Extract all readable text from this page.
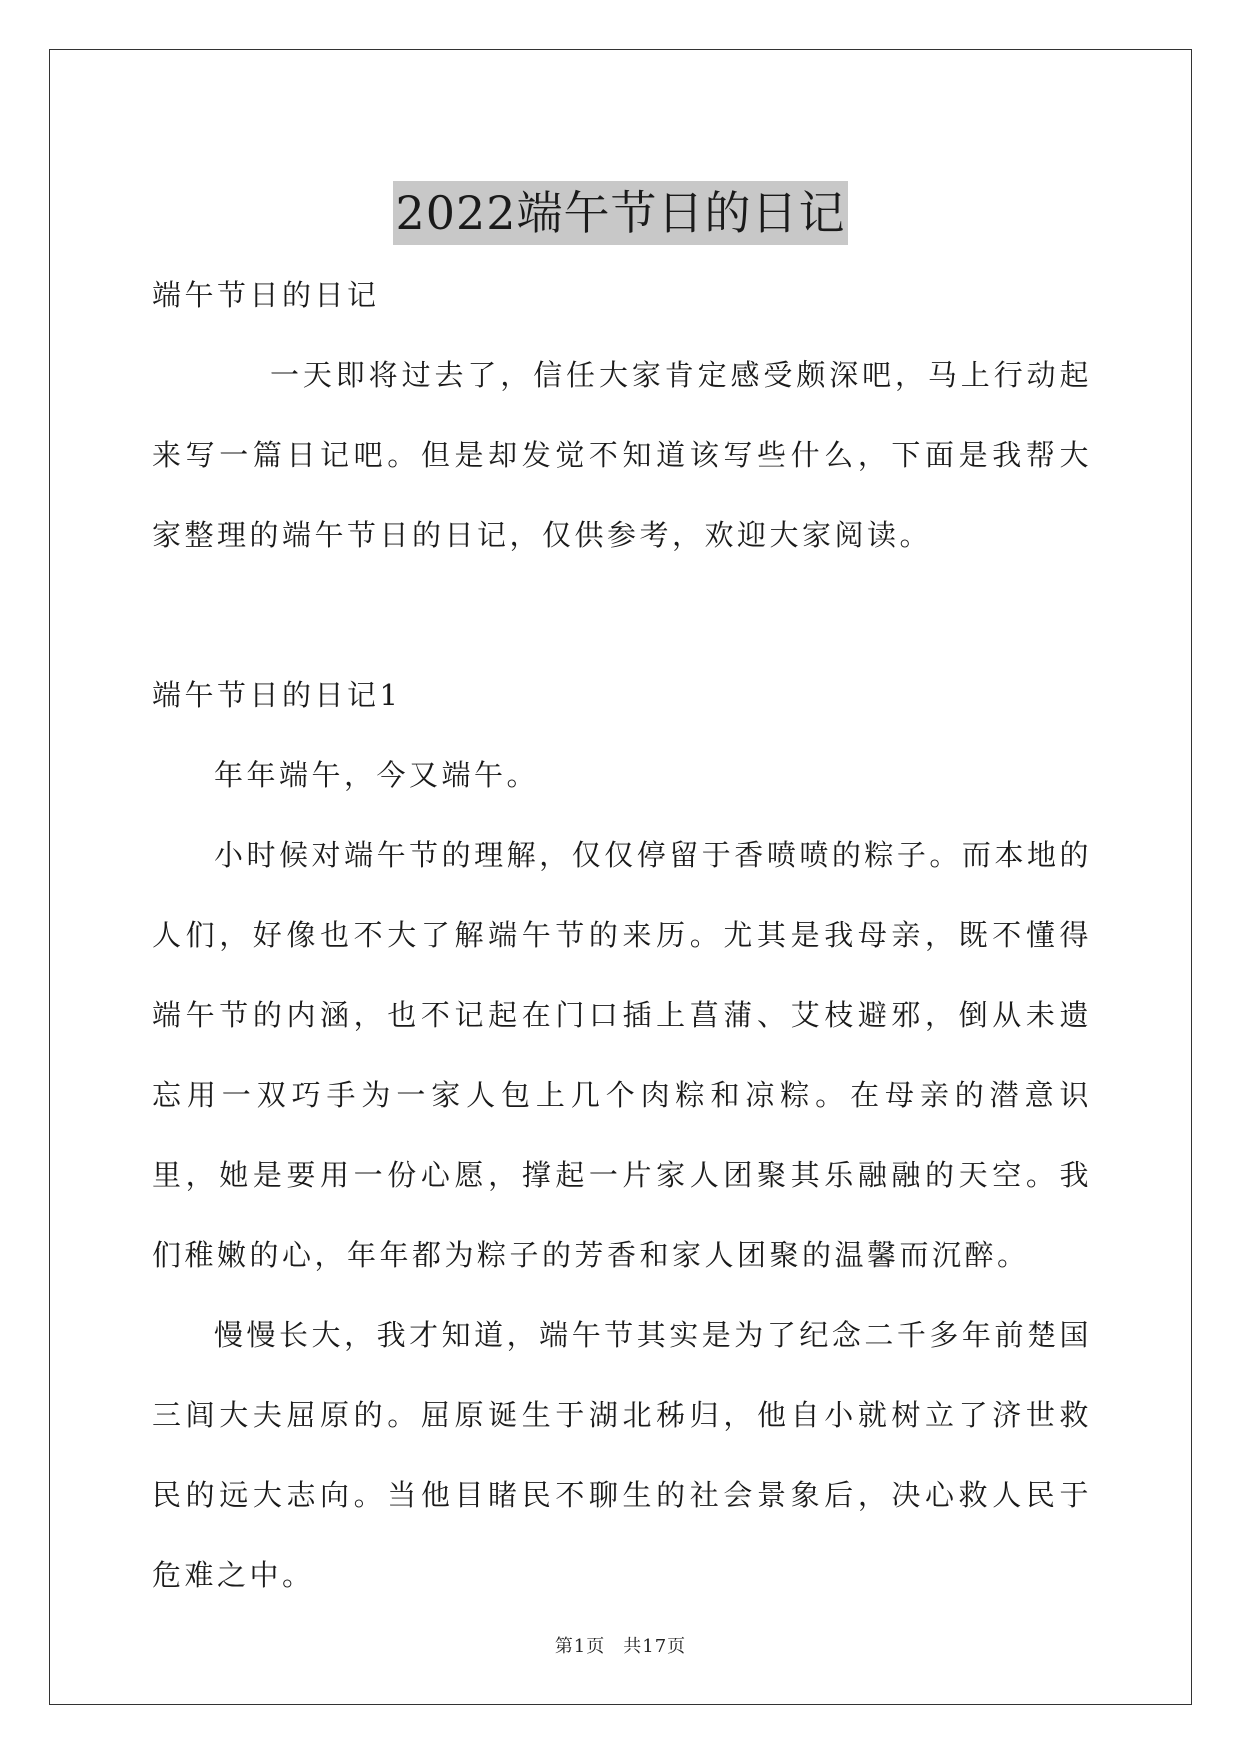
2022端午节日的日记

端午节日的日记

一天即将过去了，信任大家肯定感受颇深吧，马上行动起来写一篇日记吧。但是却发觉不知道该写些什么，下面是我帮大家整理的端午节日的日记，仅供参考，欢迎大家阅读。

端午节日的日记1

年年端午，今又端午。

小时候对端午节的理解，仅仅停留于香喷喷的粽子。而本地的人们，好像也不大了解端午节的来历。尤其是我母亲，既不懂得端午节的内涵，也不记起在门口插上菖蒲、艾枝避邪，倒从未遗忘用一双巧手为一家人包上几个肉粽和凉粽。在母亲的潜意识里，她是要用一份心愿，撑起一片家人团聚其乐融融的天空。我们稚嫩的心，年年都为粽子的芳香和家人团聚的温馨而沉醉。

慢慢长大，我才知道，端午节其实是为了纪念二千多年前楚国三闾大夫屈原的。屈原诞生于湖北秭归，他自小就树立了济世救民的远大志向。当他目睹民不聊生的社会景象后，决心救人民于危难之中。

第1页 共17页
